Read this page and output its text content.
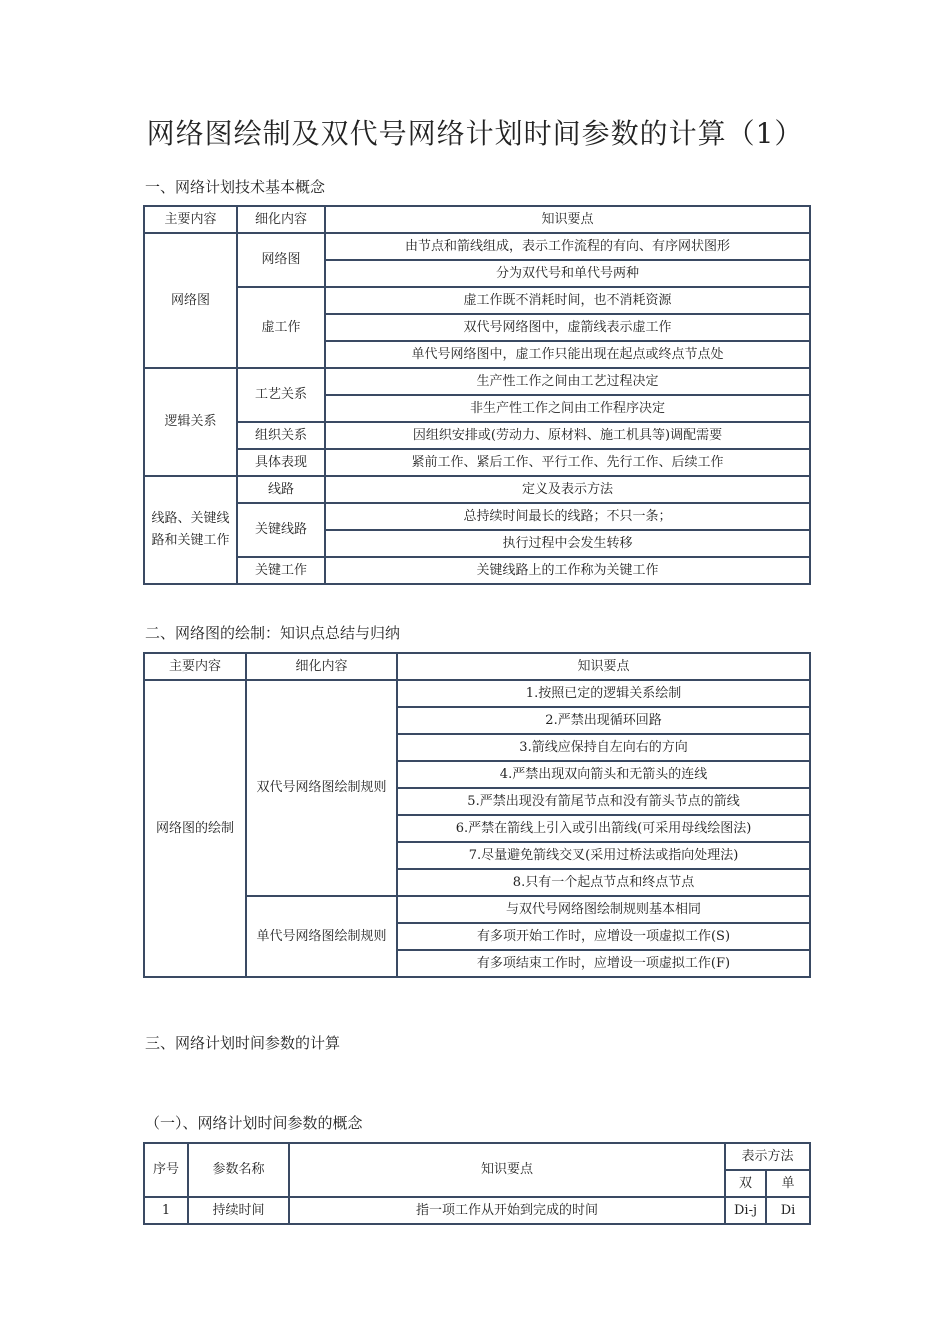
网络图绘制及双代号网络计划时间参数的计算（1）
一、网络计划技术基本概念
主要内容	细化内容	知识要点
网络图	网络图	由节点和箭线组成，表示工作流程的有向、有序网状图形
		分为双代号和单代号两种
	虚工作	虚工作既不消耗时间，也不消耗资源
		双代号网络图中，虚箭线表示虚工作
		单代号网络图中，虚工作只能出现在起点或终点节点处
逻辑关系	工艺关系	生产性工作之间由工艺过程决定
		非生产性工作之间由工作程序决定
	组织关系	因组织安排或(劳动力、原材料、施工机具等)调配需要
	具体表现	紧前工作、紧后工作、平行工作、先行工作、后续工作
线路、关键线路和关键工作	线路	定义及表示方法
	关键线路	总持续时间最长的线路；不只一条；
		执行过程中会发生转移
	关键工作	关键线路上的工作称为关键工作
二、网络图的绘制：知识点总结与归纳
主要内容	细化内容	知识要点
网络图的绘制	双代号网络图绘制规则	1.按照已定的逻辑关系绘制
		2.严禁出现循环回路
		3.箭线应保持自左向右的方向
		4.严禁出现双向箭头和无箭头的连线
		5.严禁出现没有箭尾节点和没有箭头节点的箭线
		6.严禁在箭线上引入或引出箭线(可采用母线绘图法)
		7.尽量避免箭线交叉(采用过桥法或指向处理法)
		8.只有一个起点节点和终点节点
	单代号网络图绘制规则	与双代号网络图绘制规则基本相同
		有多项开始工作时，应增设一项虚拟工作(S)
		有多项结束工作时，应增设一项虚拟工作(F)
三、网络计划时间参数的计算
（一）、网络计划时间参数的概念
序号	参数名称	知识要点	表示方法	
			双	单
1	持续时间	指一项工作从开始到完成的时间	Di-j	Di
